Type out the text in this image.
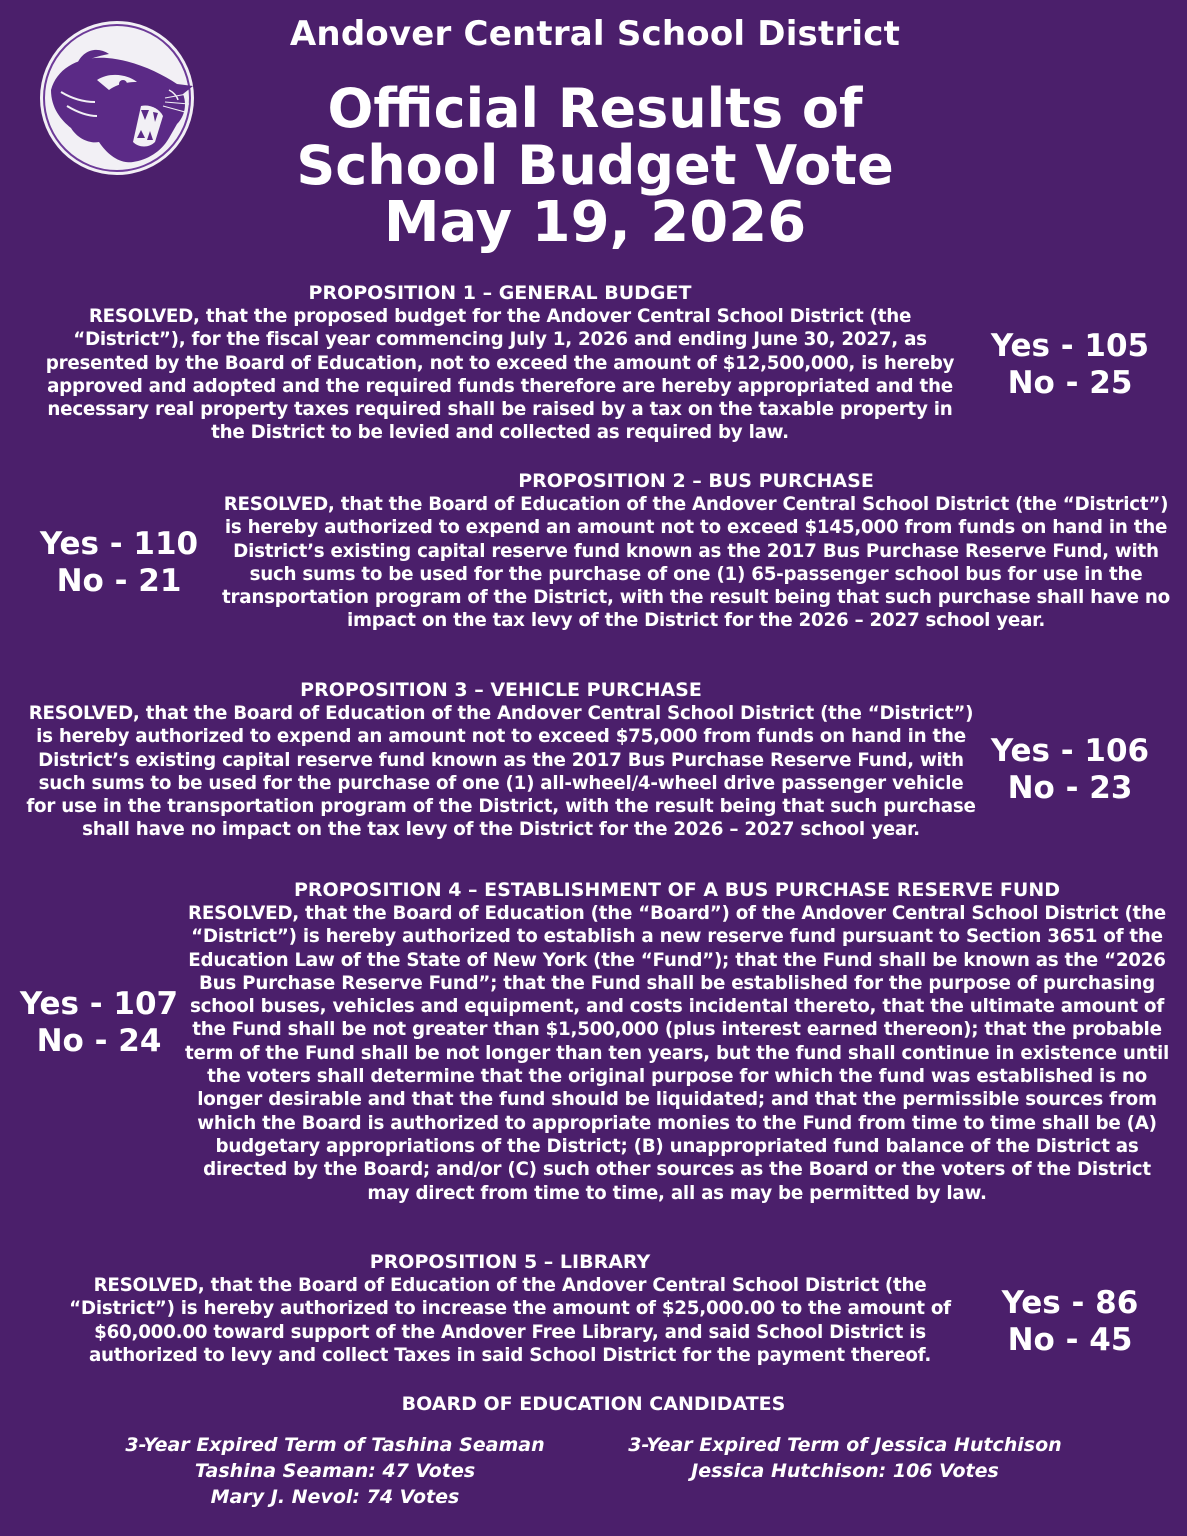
Andover Central School District
Official Results of
School Budget Vote
May 19, 2026
PROPOSITION 1 – GENERAL BUDGET
RESOLVED, that the proposed budget for the Andover Central School District (the “District”), for the fiscal year commencing July 1, 2026 and ending June 30, 2027, as presented by the Board of Education, not to exceed the amount of $12,500,000, is hereby approved and adopted and the required funds therefore are hereby appropriated and the necessary real property taxes required shall be raised by a tax on the taxable property in the District to be levied and collected as required by law.
Yes - 105
No - 25
Yes - 110
No - 21
PROPOSITION 2 – BUS PURCHASE
RESOLVED, that the Board of Education of the Andover Central School District (the “District”) is hereby authorized to expend an amount not to exceed $145,000 from funds on hand in the District’s existing capital reserve fund known as the 2017 Bus Purchase Reserve Fund, with such sums to be used for the purchase of one (1) 65-passenger school bus for use in the transportation program of the District, with the result being that such purchase shall have no impact on the tax levy of the District for the 2026 – 2027 school year.
PROPOSITION 3 – VEHICLE PURCHASE
RESOLVED, that the Board of Education of the Andover Central School District (the “District”) is hereby authorized to expend an amount not to exceed $75,000 from funds on hand in the District’s existing capital reserve fund known as the 2017 Bus Purchase Reserve Fund, with such sums to be used for the purchase of one (1) all-wheel/4-wheel drive passenger vehicle for use in the transportation program of the District, with the result being that such purchase shall have no impact on the tax levy of the District for the 2026 – 2027 school year.
Yes - 106
No - 23
Yes - 107
No - 24
PROPOSITION 4 – ESTABLISHMENT OF A BUS PURCHASE RESERVE FUND
RESOLVED, that the Board of Education (the “Board”) of the Andover Central School District (the “District”) is hereby authorized to establish a new reserve fund pursuant to Section 3651 of the Education Law of the State of New York (the “Fund”); that the Fund shall be known as the “2026 Bus Purchase Reserve Fund”; that the Fund shall be established for the purpose of purchasing school buses, vehicles and equipment, and costs incidental thereto, that the ultimate amount of the Fund shall be not greater than $1,500,000 (plus interest earned thereon); that the probable term of the Fund shall be not longer than ten years, but the fund shall continue in existence until the voters shall determine that the original purpose for which the fund was established is no longer desirable and that the fund should be liquidated; and that the permissible sources from which the Board is authorized to appropriate monies to the Fund from time to time shall be (A) budgetary appropriations of the District; (B) unappropriated fund balance of the District as directed by the Board; and/or (C) such other sources as the Board or the voters of the District may direct from time to time, all as may be permitted by law.
PROPOSITION 5 – LIBRARY
RESOLVED, that the Board of Education of the Andover Central School District (the “District”) is hereby authorized to increase the amount of $25,000.00 to the amount of $60,000.00 toward support of the Andover Free Library, and said School District is authorized to levy and collect Taxes in said School District for the payment thereof.
Yes - 86
No - 45
BOARD OF EDUCATION CANDIDATES
3-Year Expired Term of Tashina Seaman
Tashina Seaman: 47 Votes
Mary J. Nevol: 74 Votes
3-Year Expired Term of Jessica Hutchison
Jessica Hutchison: 106 Votes
